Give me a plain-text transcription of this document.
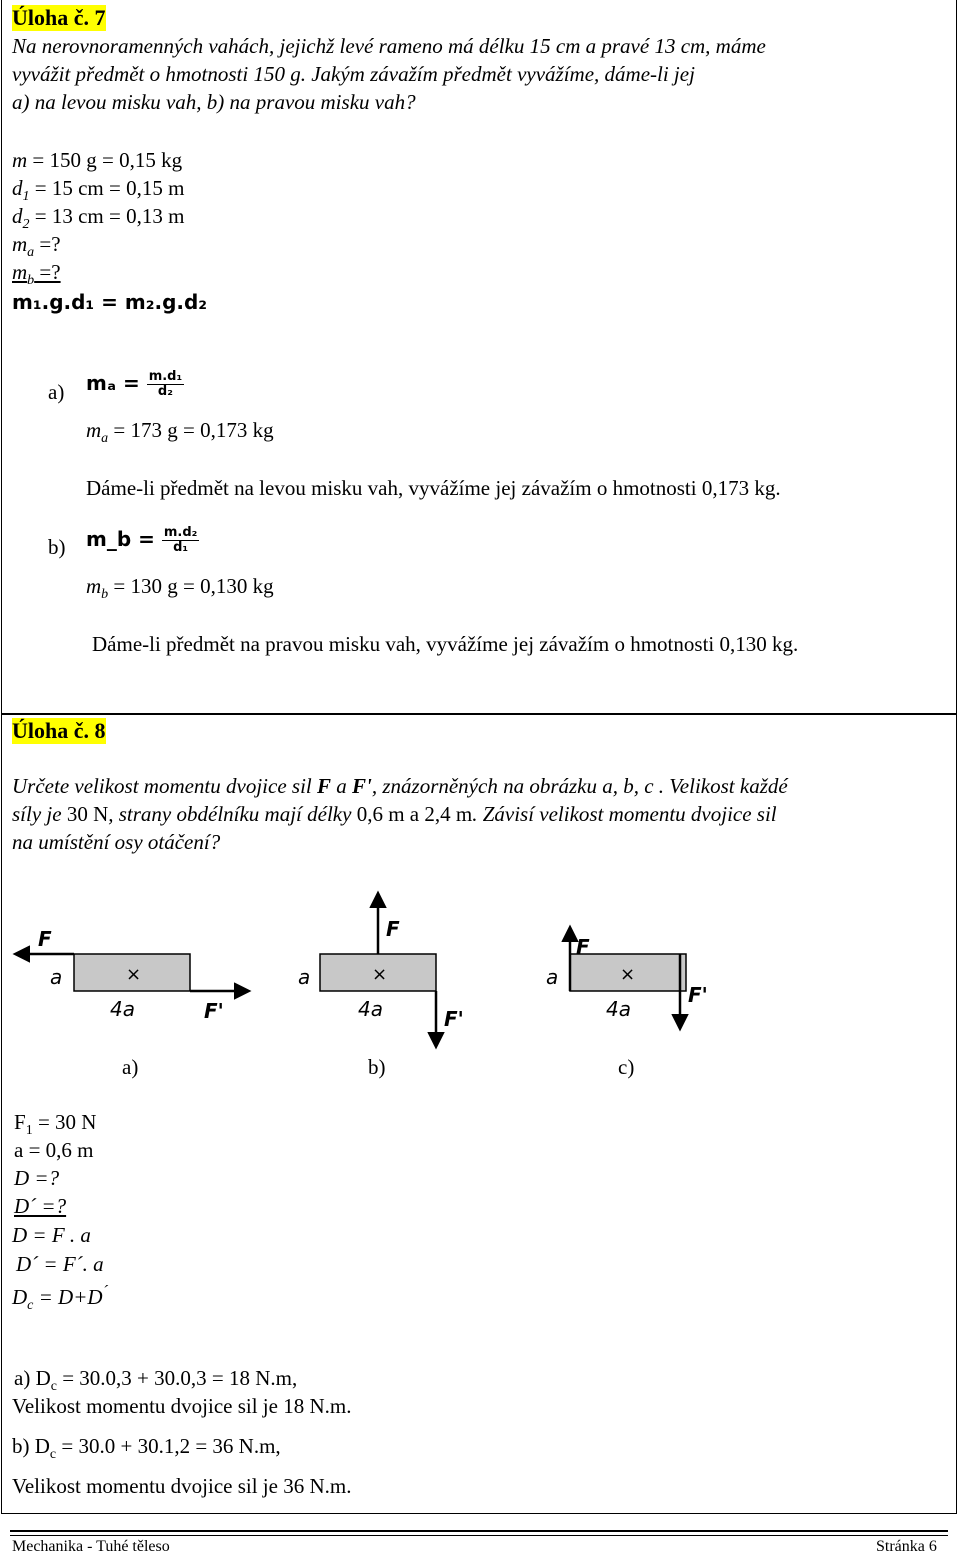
Úloha č. 7
Na nerovnoramenných vahách, jejichž levé rameno má délku 15 cm a pravé 13 cm, máme
vyvážit předmět o hmotnosti 150 g. Jakým závažím předmět vyvážíme, dáme-li jej
a) na levou misku vah, b) na pravou misku vah?
m = 150 g = 0,15 kg
$d_1 = 15$ cm = 0,15 m
$d_2 = 13$ cm = 0,13 m
$m_a$ =?
$m_b$ =?
m₁.g.d₁ = m₂.g.d₂
a) $m_a = \frac{\text{m.d₁}}{\text{d₂}}$
$m_a = 173$ g = 0,173 kg
Dáme-li předmět na levou misku vah, vyvážíme jej závažím o hmotnosti 0,173 kg.
b) m_b = $\frac{\text{m.d₂}}{\text{d₁}}$
$m_b = 130$ g = 0,130 kg
Dáme-li předmět na pravou misku vah, vyvážíme jej závažím o hmotnosti 0,130 kg.
Úloha č. 8
Určete velikost momentu dvojice sil F a F', znázorněných na obrázku a, b, c . Velikost každé
síly je 30 N, strany obdélníku mají délky 0,6 m a 2,4 m. Závisí velikost momentu dvojice sil
na umístění osy otáčení?
×
F
F'
a
4a
a)
×
F
F'
a
4a
b)
×
F
F'
a
4a
c)
$F_1 = 30$ N
a = 0,6 m
D =?
D´ =?
D = F . a
D´ = F´. a
$D_c = D+D^´$
a) $D_c = 30.0,3 + 30.0,3 = 18$ N.m,
Velikost momentu dvojice sil je 18 N.m.
b) $D_c = 30.0 + 30.1,2 = 36$ N.m,
Velikost momentu dvojice sil je 36 N.m.
Mechanika - Tuhé těleso	Stránka 6
